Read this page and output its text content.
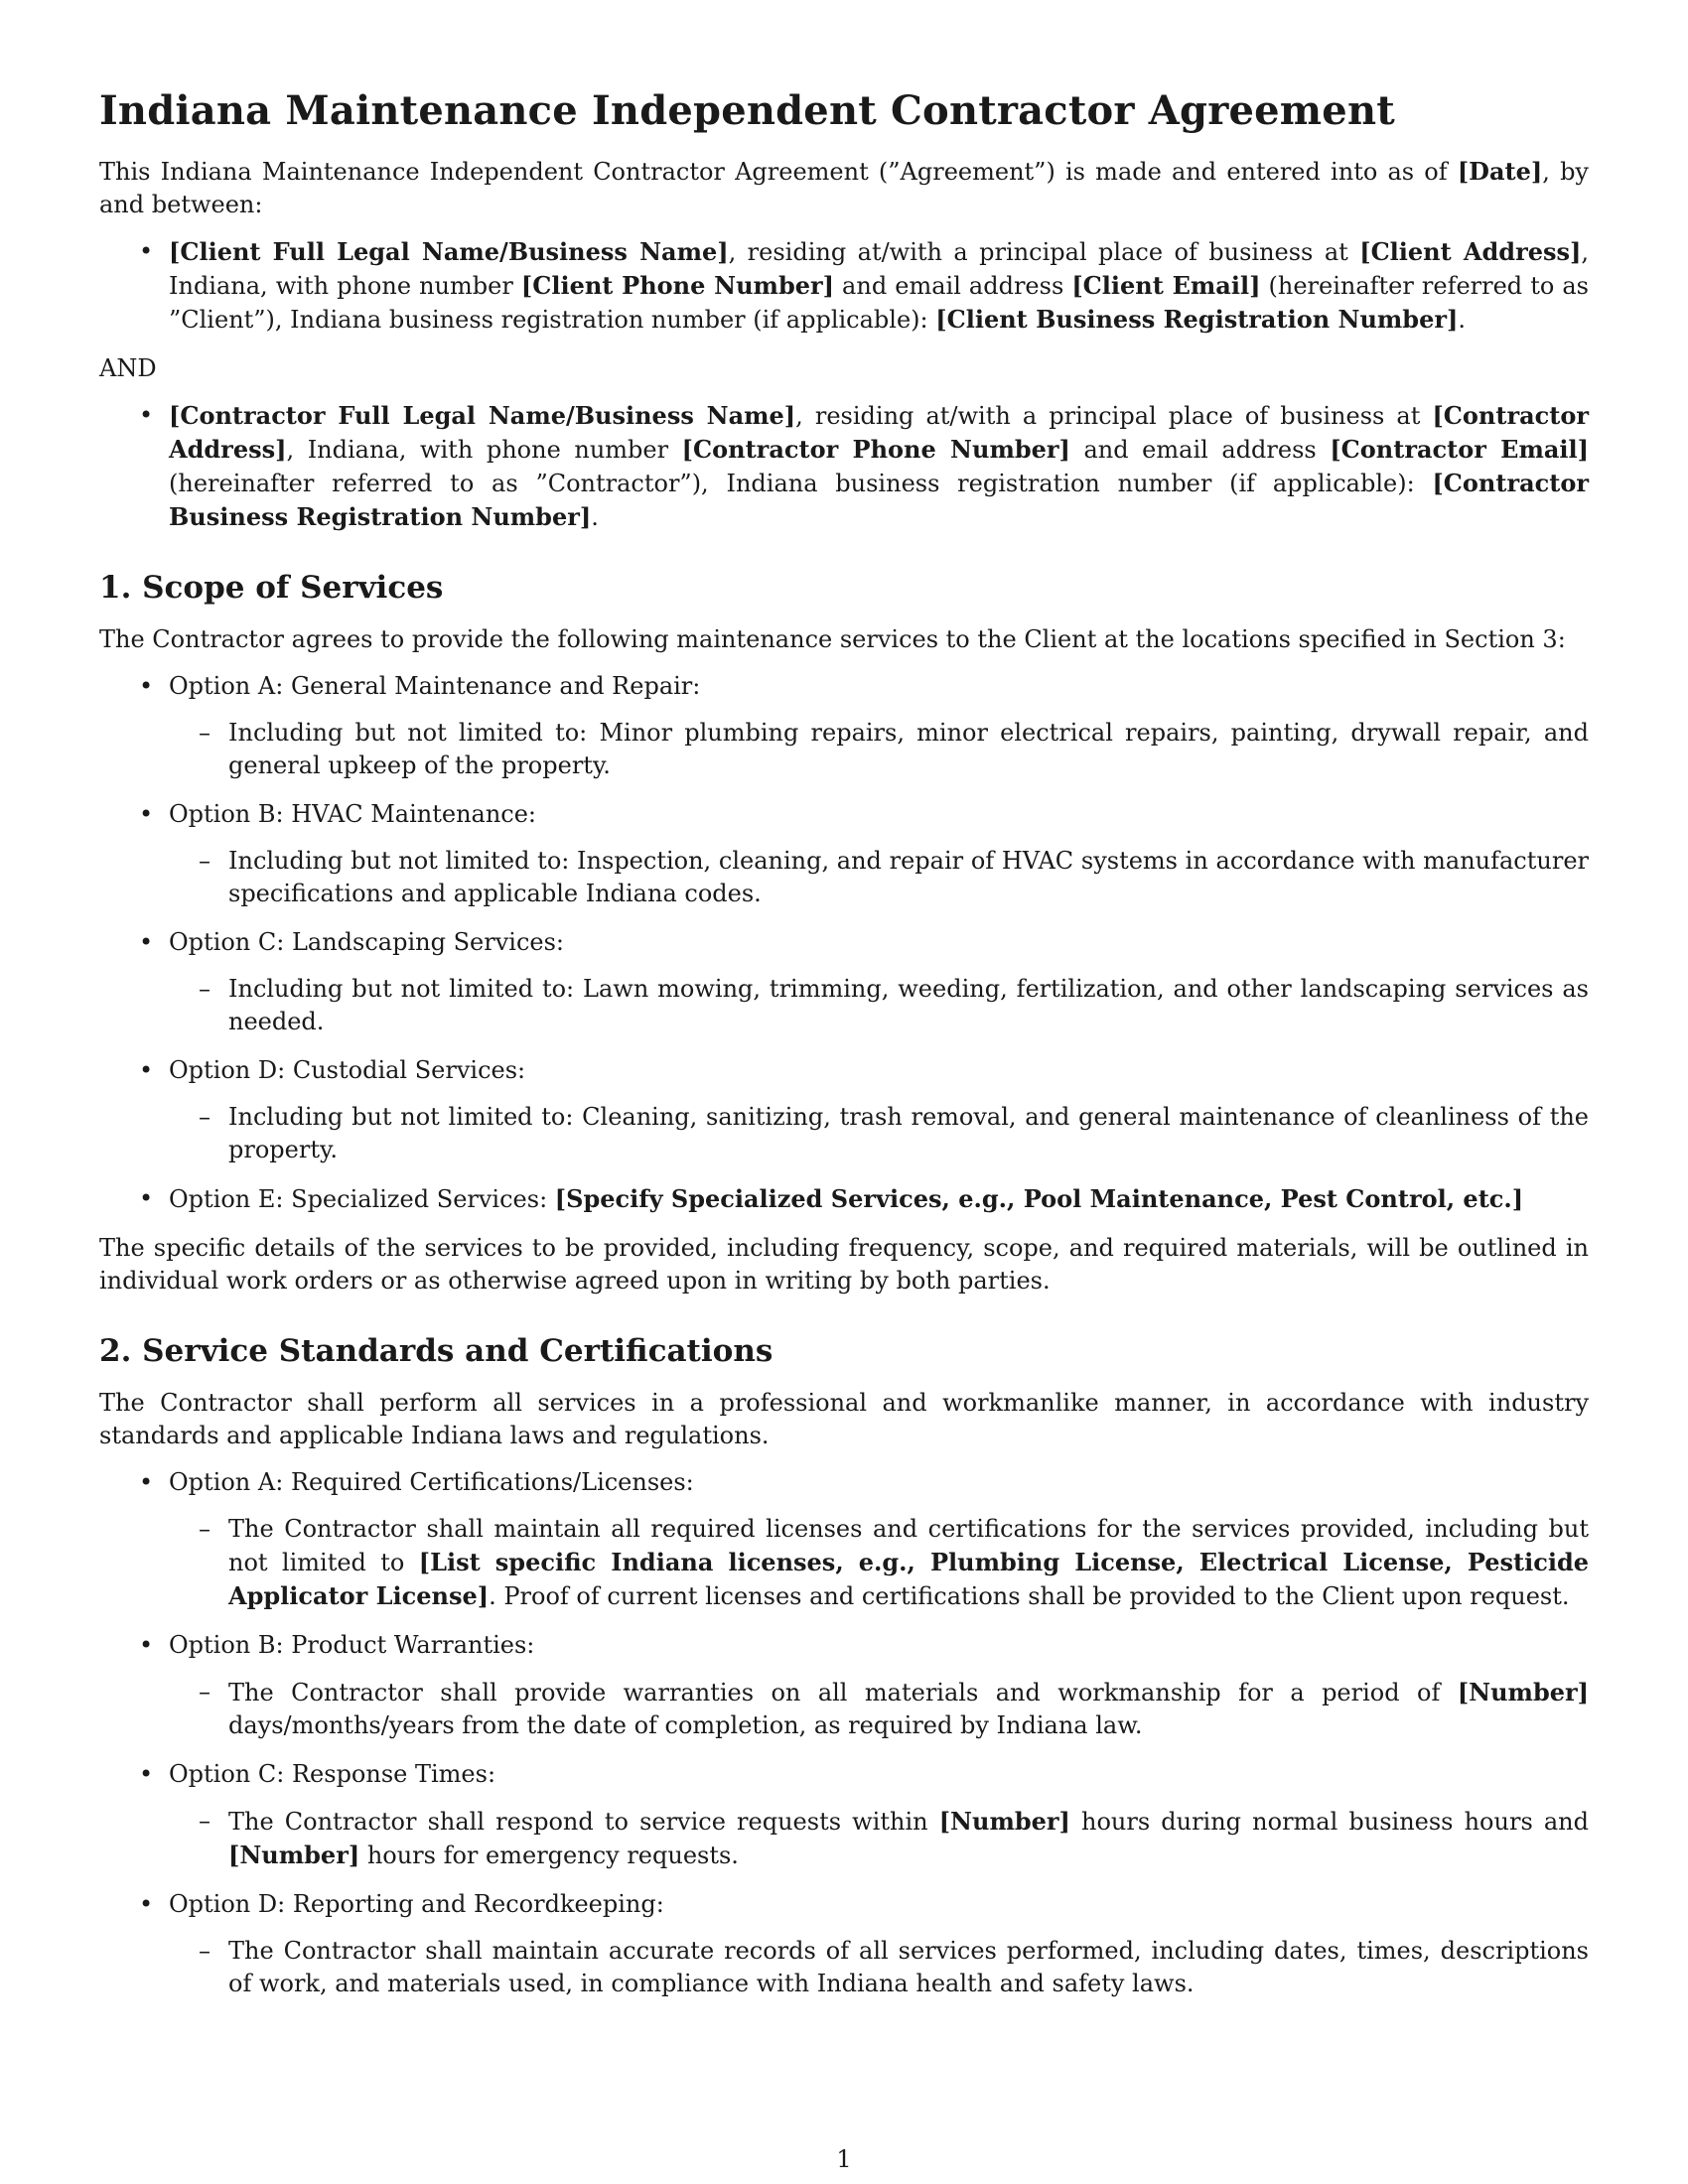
Indiana Maintenance Independent Contractor Agreement

This Indiana Maintenance Independent Contractor Agreement (”Agreement”) is made and entered into as of [Date], by and between:

• [Client Full Legal Name/Business Name], residing at/with a principal place of business at [Client Address], Indiana, with phone number [Client Phone Number] and email address [Client Email] (hereinafter referred to as ”Client”), Indiana business registration number (if applicable): [Client Business Registration Number].
AND
• [Contractor Full Legal Name/Business Name], residing at/with a principal place of business at [Contractor Address], Indiana, with phone number [Contractor Phone Number] and email address [Contractor Email] (hereinafter referred to as ”Contractor”), Indiana business registration number (if applicable): [Contractor Business Registration Number].
1. Scope of Services

The Contractor agrees to provide the following maintenance services to the Client at the locations specified in Section 3:

• Option A: General Maintenance and Repair:
– Including but not limited to: Minor plumbing repairs, minor electrical repairs, painting, drywall repair, and general upkeep of the property.
• Option B: HVAC Maintenance:
– Including but not limited to: Inspection, cleaning, and repair of HVAC systems in accordance with manufacturer specifications and applicable Indiana codes.
• Option C: Landscaping Services:
– Including but not limited to: Lawn mowing, trimming, weeding, fertilization, and other landscaping services as needed.
• Option D: Custodial Services:
– Including but not limited to: Cleaning, sanitizing, trash removal, and general maintenance of cleanliness of the property.
• Option E: Specialized Services: [Specify Specialized Services, e.g., Pool Maintenance, Pest Control, etc.]

The specific details of the services to be provided, including frequency, scope, and required materials, will be outlined in individual work orders or as otherwise agreed upon in writing by both parties.

2. Service Standards and Certifications

The Contractor shall perform all services in a professional and workmanlike manner, in accordance with industry standards and applicable Indiana laws and regulations.

• Option A: Required Certifications/Licenses:
– The Contractor shall maintain all required licenses and certifications for the services provided, including but not limited to [List specific Indiana licenses, e.g., Plumbing License, Electrical License, Pesticide Applicator License]. Proof of current licenses and certifications shall be provided to the Client upon request.
• Option B: Product Warranties:
– The Contractor shall provide warranties on all materials and workmanship for a period of [Number] days/months/years from the date of completion, as required by Indiana law.
• Option C: Response Times:
– The Contractor shall respond to service requests within [Number] hours during normal business hours and [Number] hours for emergency requests.
• Option D: Reporting and Recordkeeping:
– The Contractor shall maintain accurate records of all services performed, including dates, times, descriptions of work, and materials used, in compliance with Indiana health and safety laws.
1
